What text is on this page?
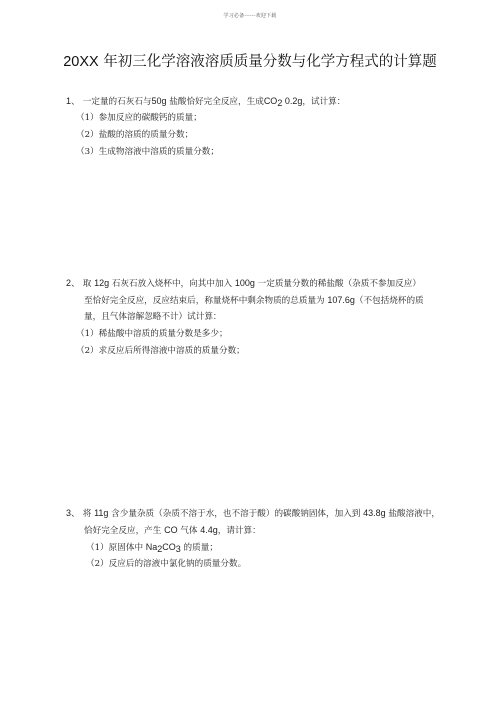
学习必备------欢迎下载
20XX 年初三化学溶液溶质质量分数与化学方程式的计算题
1、 一定量的石灰石与50g 盐酸恰好完全反应，生成$CO_2$ 0.2g，试计算：
（1）参加反应的碳酸钙的质量；
（2）盐酸的溶质的质量分数；
（3）生成物溶液中溶质的质量分数；
2、 取 12g 石灰石放入烧杯中，向其中加入 100g 一定质量分数的稀盐酸（杂质不参加反应）
至恰好完全反应，反应结束后，称量烧杯中剩余物质的总质量为 107.6g（不包括烧杯的质
量，且气体溶解忽略不计）试计算：
（1）稀盐酸中溶质的质量分数是多少；
（2）求反应后所得溶液中溶质的质量分数；
3、 将 11g 含少量杂质（杂质不溶于水，也不溶于酸）的碳酸钠固体，加入到 43.8g 盐酸溶液中，
恰好完全反应，产生 CO 气体 4.4g，请计算：
（1）原固体中 $Na_2CO_3$ 的质量；
（2）反应后的溶液中氯化钠的质量分数。
